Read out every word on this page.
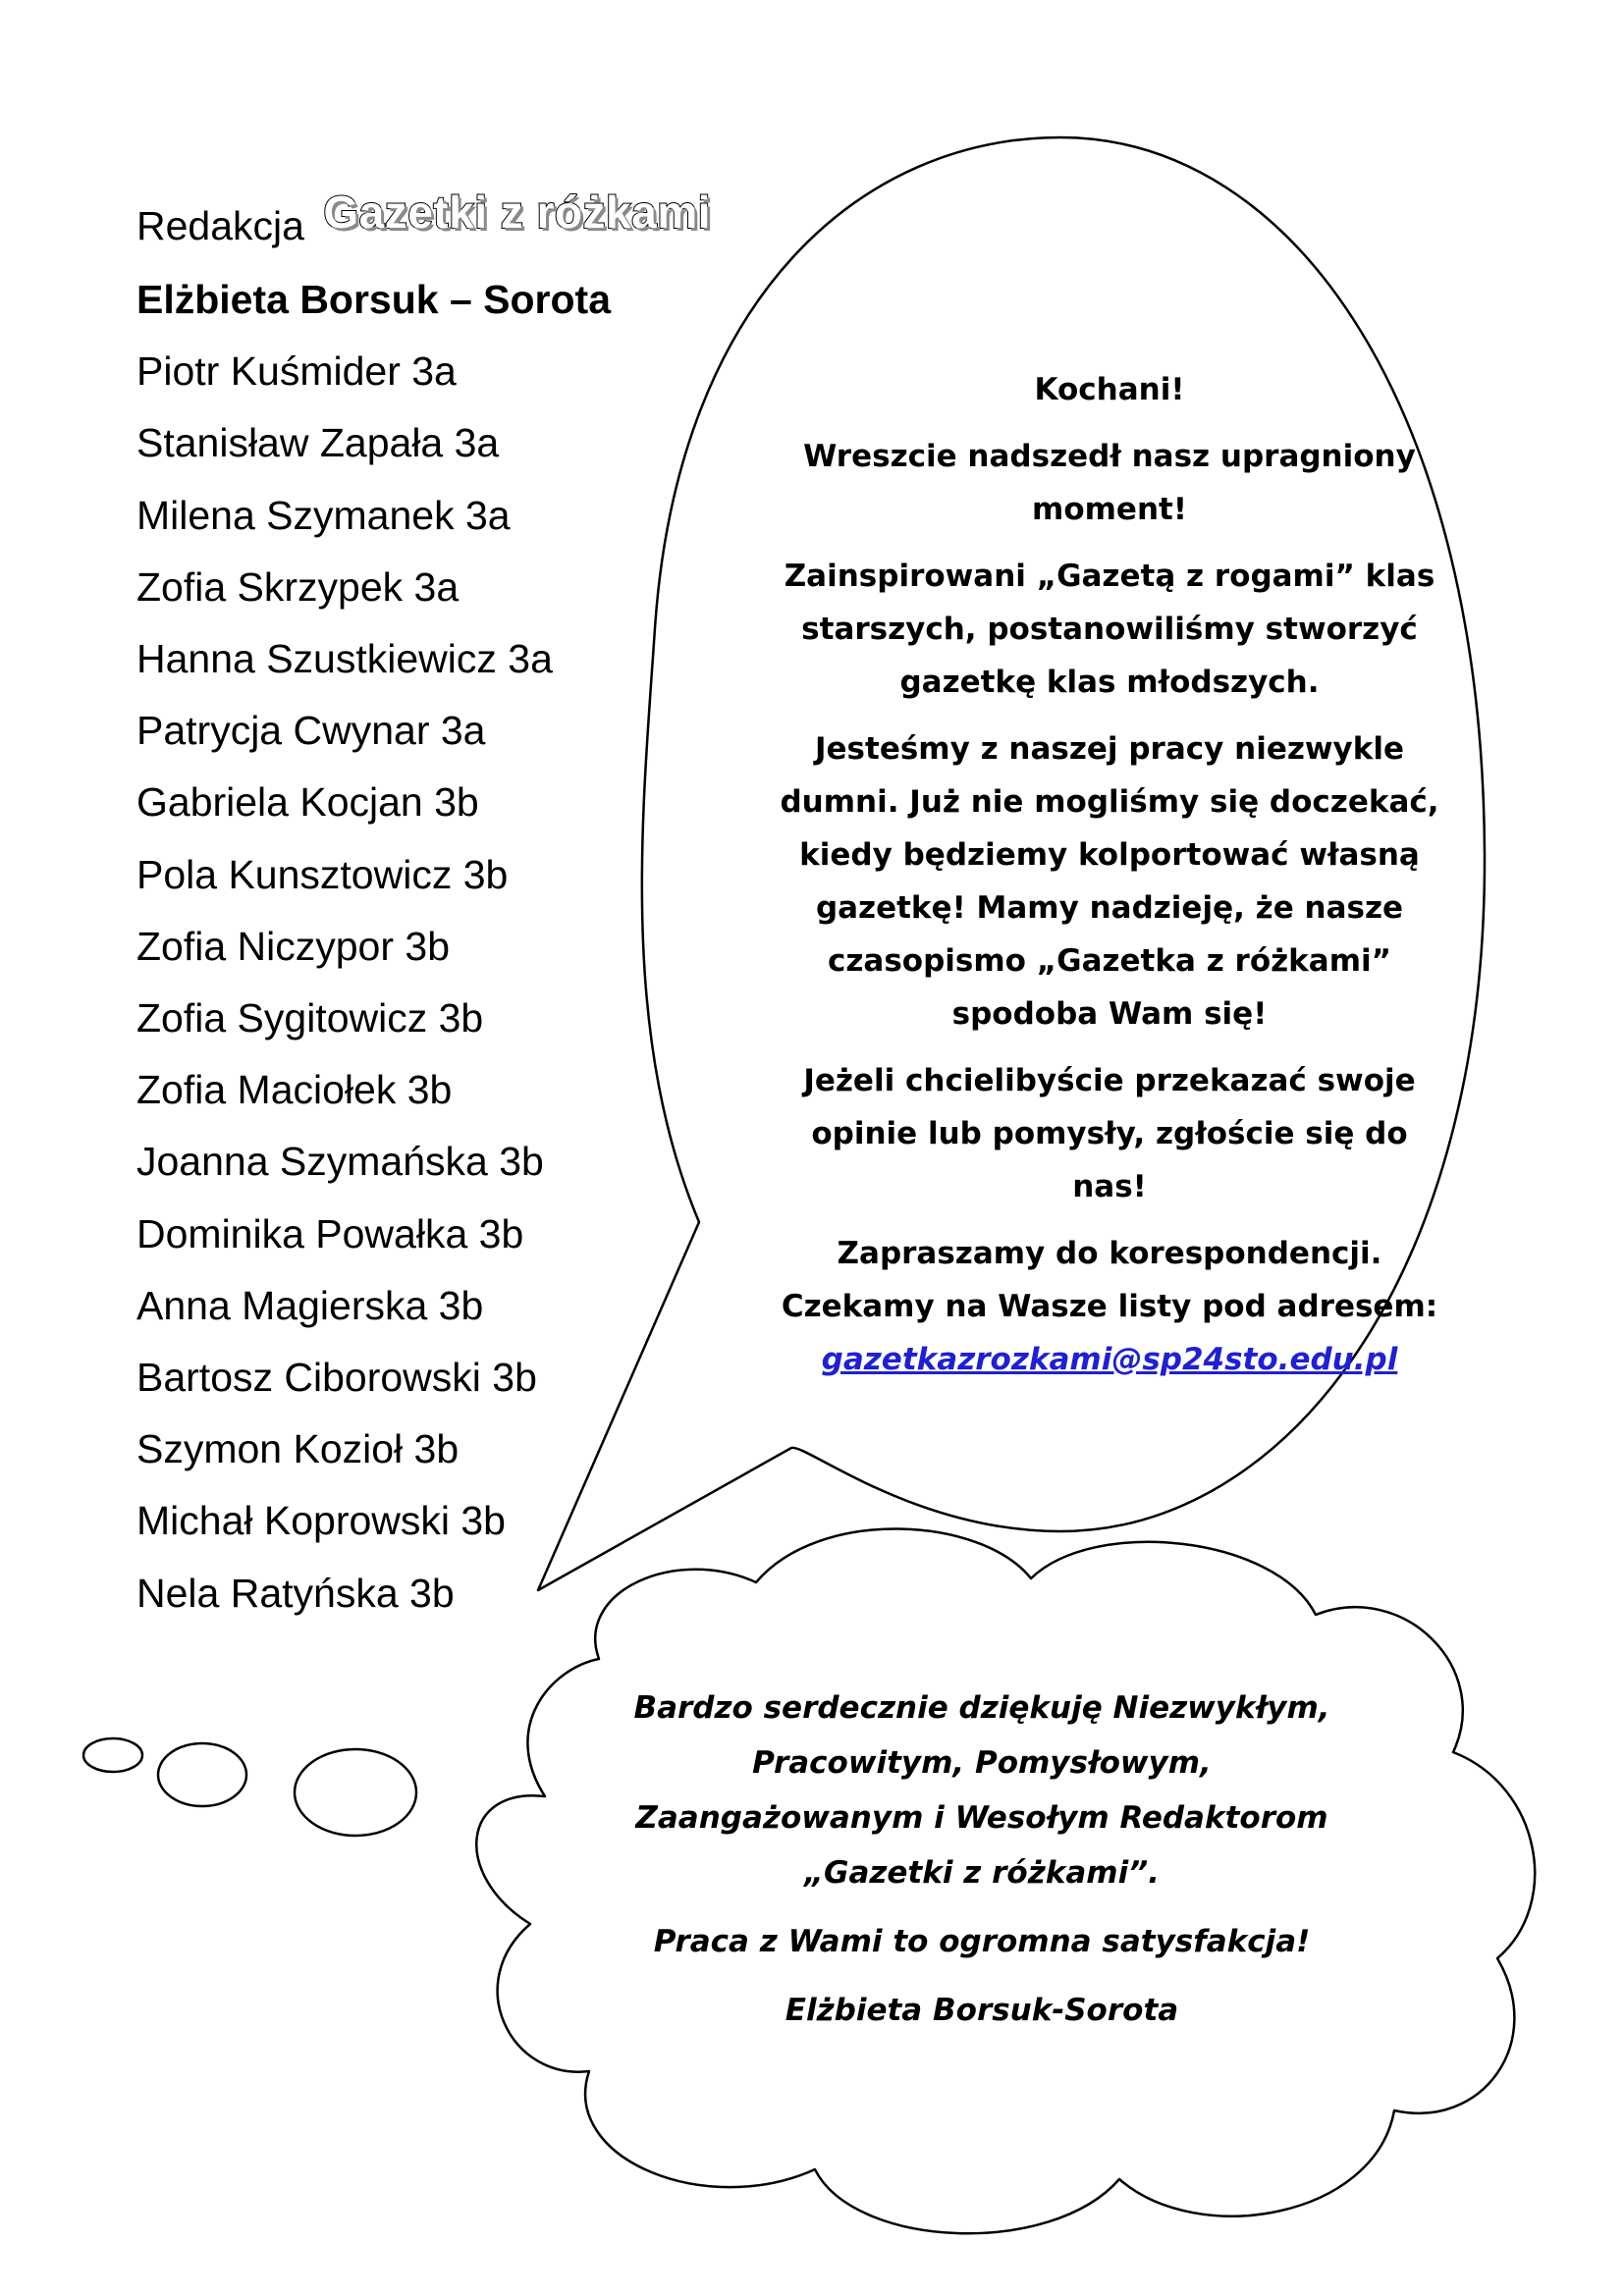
Redakcja Gazetki z różkami
Elżbieta Borsuk – Sorota
Piotr Kuśmider 3a
Stanisław Zapała 3a
Milena Szymanek 3a
Zofia Skrzypek 3a
Hanna Szustkiewicz 3a
Patrycja Cwynar 3a
Gabriela Kocjan 3b
Pola Kunsztowicz 3b
Zofia Niczypor 3b
Zofia Sygitowicz 3b
Zofia Maciołek 3b
Joanna Szymańska 3b
Dominika Powałka 3b
Anna Magierska 3b
Bartosz Ciborowski 3b
Szymon Kozioł 3b
Michał Koprowski 3b
Nela Ratyńska 3b

Kochani!

Wreszcie nadszedł nasz upragniony moment!

Zainspirowani „Gazetą z rogami” klas starszych, postanowiliśmy stworzyć gazetkę klas młodszych.

Jesteśmy z naszej pracy niezwykle dumni. Już nie mogliśmy się doczekać, kiedy będziemy kolportować własną gazetkę! Mamy nadzieję, że nasze czasopismo „Gazetka z różkami” spodoba Wam się!

Jeżeli chcielibyście przekazać swoje opinie lub pomysły, zgłoście się do nas!

Zapraszamy do korespondencji.
Czekamy na Wasze listy pod adresem:
gazetkazrozkami@sp24sto.edu.pl

Bardzo serdecznie dziękuję Niezwykłym, Pracowitym, Pomysłowym, Zaangażowanym i Wesołym Redaktorom „Gazetki z różkami”.

Praca z Wami to ogromna satysfakcja!

Elżbieta Borsuk-Sorota
